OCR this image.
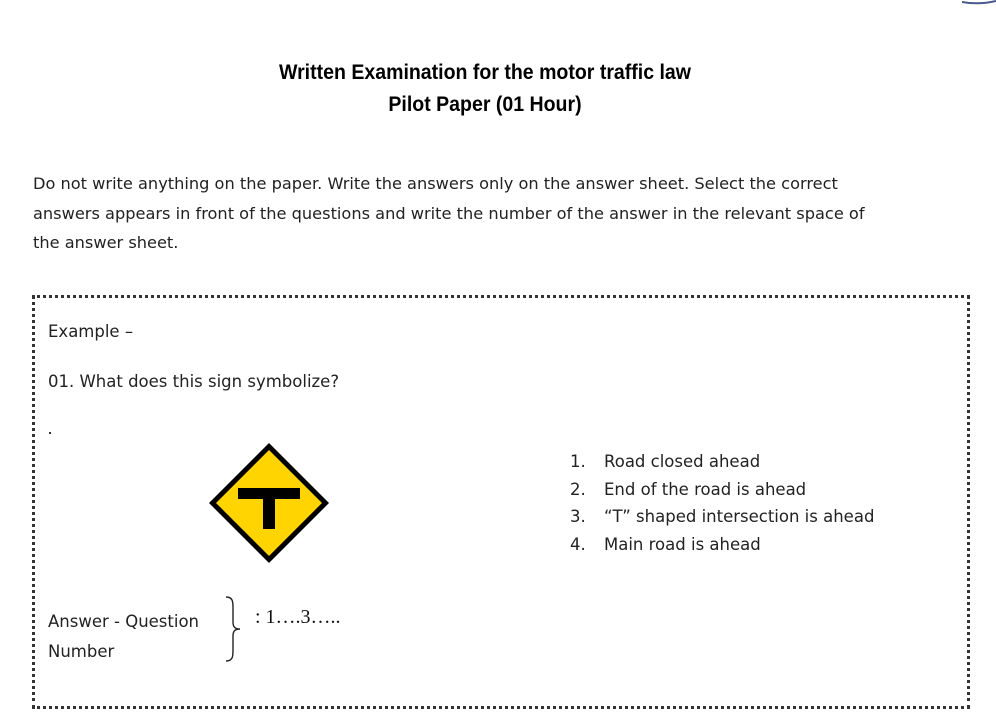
Written Examination for the motor traffic law
Pilot Paper (01 Hour)
Do not write anything on the paper. Write the answers only on the answer sheet. Select the correct
answers appears in front of the questions and write the number of the answer in the relevant space of
the answer sheet.
Example –
01. What does this sign symbolize?
1. Road closed ahead
2. End of the road is ahead
3. “T” shaped intersection is ahead
4. Main road is ahead
Answer - Question
Number
: 1….3…..
